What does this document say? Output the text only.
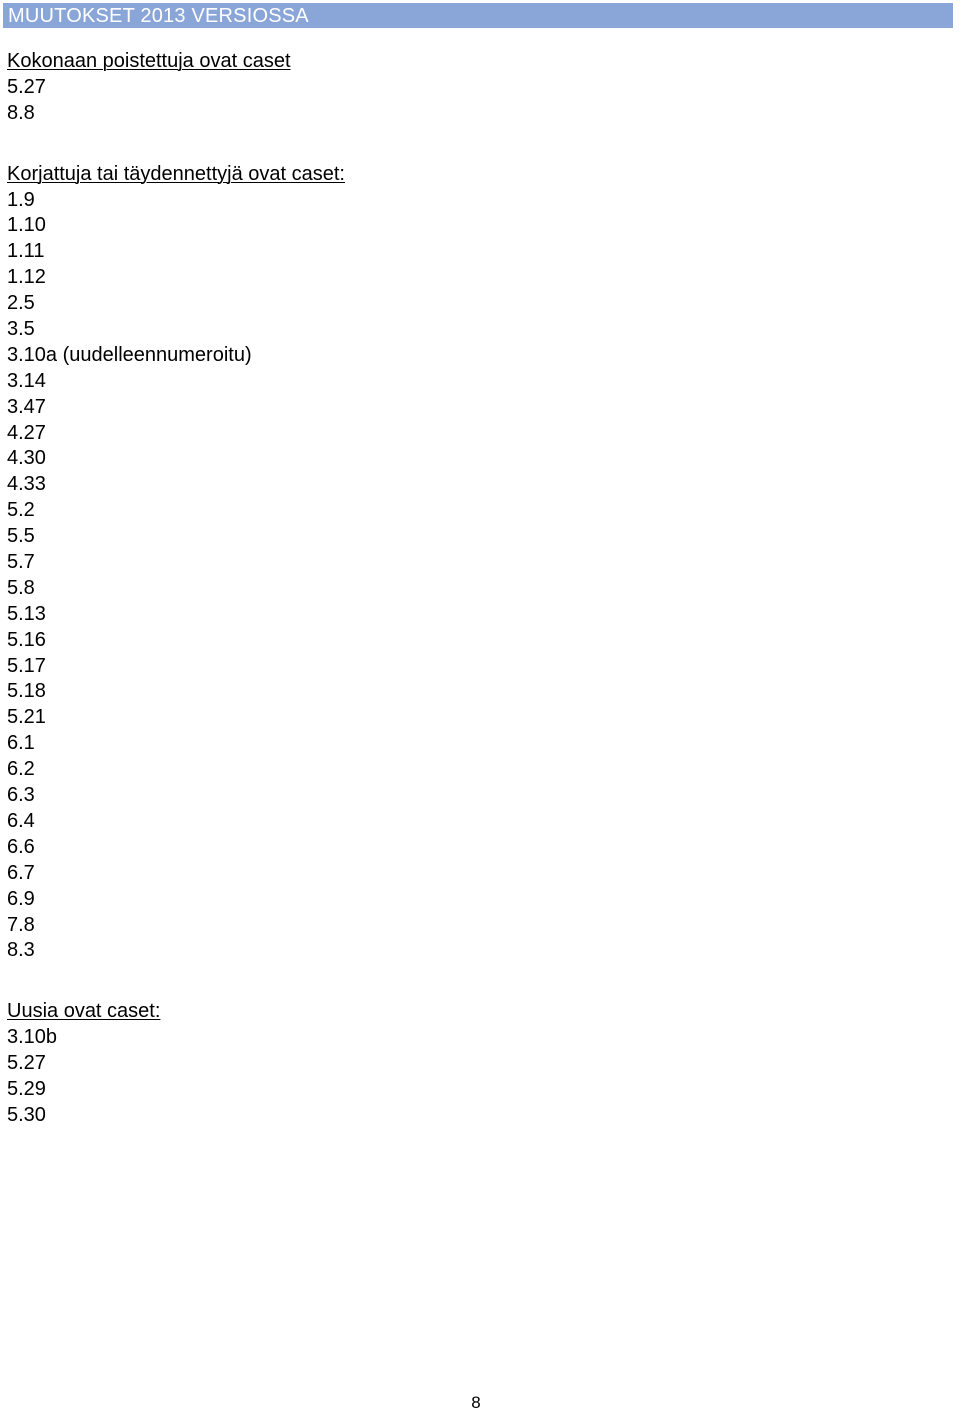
MUUTOKSET 2013 VERSIOSSA
Kokonaan poistettuja ovat caset
5.27
8.8
Korjattuja tai täydennettyjä ovat caset:
1.9
1.10
1.11
1.12
2.5
3.5
3.10a (uudelleennumeroitu)
3.14
3.47
4.27
4.30
4.33
5.2
5.5
5.7
5.8
5.13
5.16
5.17
5.18
5.21
6.1
6.2
6.3
6.4
6.6
6.7
6.9
7.8
8.3
Uusia ovat caset:
3.10b
5.27
5.29
5.30
8
